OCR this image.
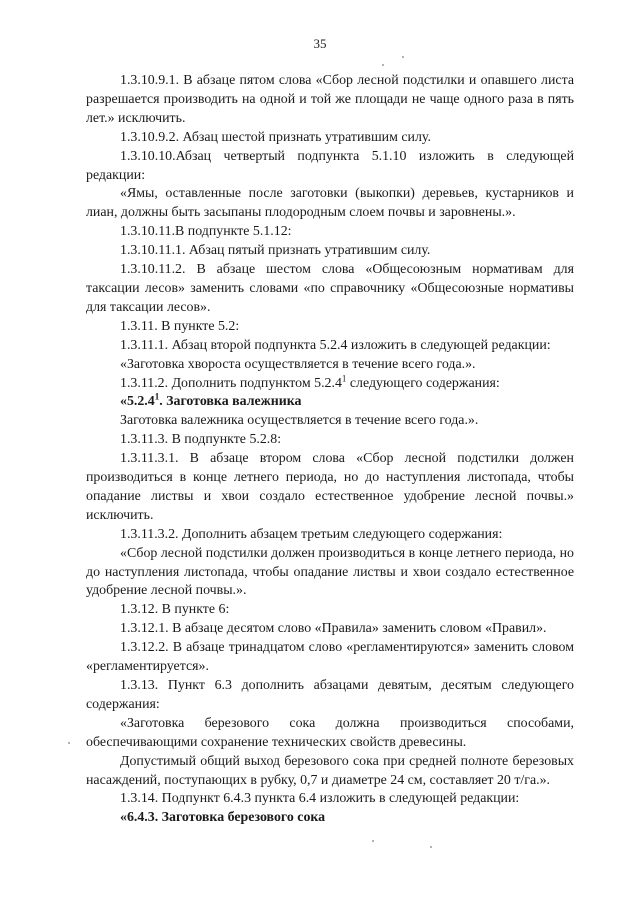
35

1.3.10.9.1. В абзаце пятом слова «Сбор лесной подстилки и опавшего листа разрешается производить на одной и той же площади не чаще одного раза в пять лет.» исключить.

1.3.10.9.2. Абзац шестой признать утратившим силу.

1.3.10.10.Абзац четвертый подпункта 5.1.10 изложить в следующей редакции:

«Ямы, оставленные после заготовки (выкопки) деревьев, кустарников и лиан, должны быть засыпаны плодородным слоем почвы и заровнены.».

1.3.10.11.В подпункте 5.1.12:

1.3.10.11.1. Абзац пятый признать утратившим силу.

1.3.10.11.2. В абзаце шестом слова «Общесоюзным нормативам для таксации лесов» заменить словами «по справочнику «Общесоюзные нормативы для таксации лесов».

1.3.11. В пункте 5.2:

1.3.11.1. Абзац второй подпункта 5.2.4 изложить в следующей редакции:

«Заготовка хвороста осуществляется в течение всего года.».

1.3.11.2. Дополнить подпунктом 5.2.4$^1$ следующего содержания:

«5.2.4$^1$. Заготовка валежника

Заготовка валежника осуществляется в течение всего года.».

1.3.11.3. В подпункте 5.2.8:

1.3.11.3.1. В абзаце втором слова «Сбор лесной подстилки должен производиться в конце летнего периода, но до наступления листопада, чтобы опадание листвы и хвои создало естественное удобрение лесной почвы.» исключить.

1.3.11.3.2. Дополнить абзацем третьим следующего содержания:

«Сбор лесной подстилки должен производиться в конце летнего периода, но до наступления листопада, чтобы опадание листвы и хвои создало естественное удобрение лесной почвы.».

1.3.12. В пункте 6:

1.3.12.1. В абзаце десятом слово «Правила» заменить словом «Правил».

1.3.12.2. В абзаце тринадцатом слово «регламентируются» заменить словом «регламентируется».

1.3.13. Пункт 6.3 дополнить абзацами девятым, десятым следующего содержания:

«Заготовка березового сока должна производиться способами, обеспечивающими сохранение технических свойств древесины.

Допустимый общий выход березового сока при средней полноте березовых насаждений, поступающих в рубку, 0,7 и диаметре 24 см, составляет 20 т/га.».

1.3.14. Подпункт 6.4.3 пункта 6.4 изложить в следующей редакции:

«6.4.3. Заготовка березового сока
